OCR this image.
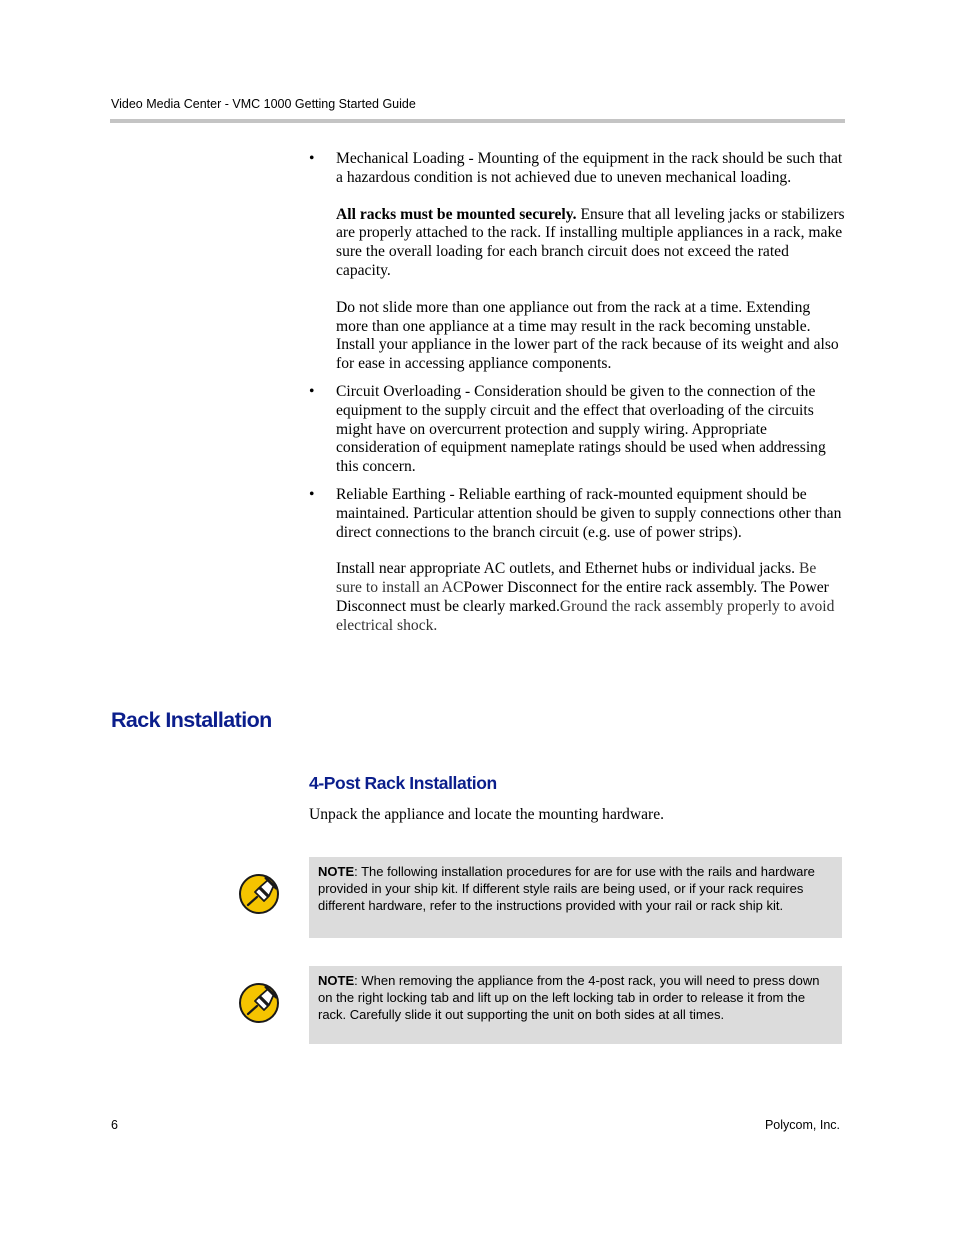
Video Media Center - VMC 1000 Getting Started Guide
• Mechanical Loading - Mounting of the equipment in the rack should be such that a hazardous condition is not achieved due to uneven mechanical loading.

All racks must be mounted securely. Ensure that all leveling jacks or stabilizers are properly attached to the rack. If installing multiple appliances in a rack, make sure the overall loading for each branch circuit does not exceed the rated capacity.

Do not slide more than one appliance out from the rack at a time. Extending more than one appliance at a time may result in the rack becoming unstable. Install your appliance in the lower part of the rack because of its weight and also for ease in accessing appliance components.

• Circuit Overloading - Consideration should be given to the connection of the equipment to the supply circuit and the effect that overloading of the circuits might have on overcurrent protection and supply wiring. Appropriate consideration of equipment nameplate ratings should be used when addressing this concern.

• Reliable Earthing - Reliable earthing of rack-mounted equipment should be maintained. Particular attention should be given to supply connections other than direct connections to the branch circuit (e.g. use of power strips).

Install near appropriate AC outlets, and Ethernet hubs or individual jacks. Be sure to install an ACPower Disconnect for the entire rack assembly. The Power Disconnect must be clearly marked.Ground the rack assembly properly to avoid electrical shock.

Rack Installation
4-Post Rack Installation
Unpack the appliance and locate the mounting hardware.
NOTE: The following installation procedures for are for use with the rails and hardware provided in your ship kit. If different style rails are being used, or if your rack requires different hardware, refer to the instructions provided with your rail or rack ship kit.
NOTE: When removing the appliance from the 4-post rack, you will need to press down on the right locking tab and lift up on the left locking tab in order to release it from the rack. Carefully slide it out supporting the unit on both sides at all times.
6	Polycom, Inc.
